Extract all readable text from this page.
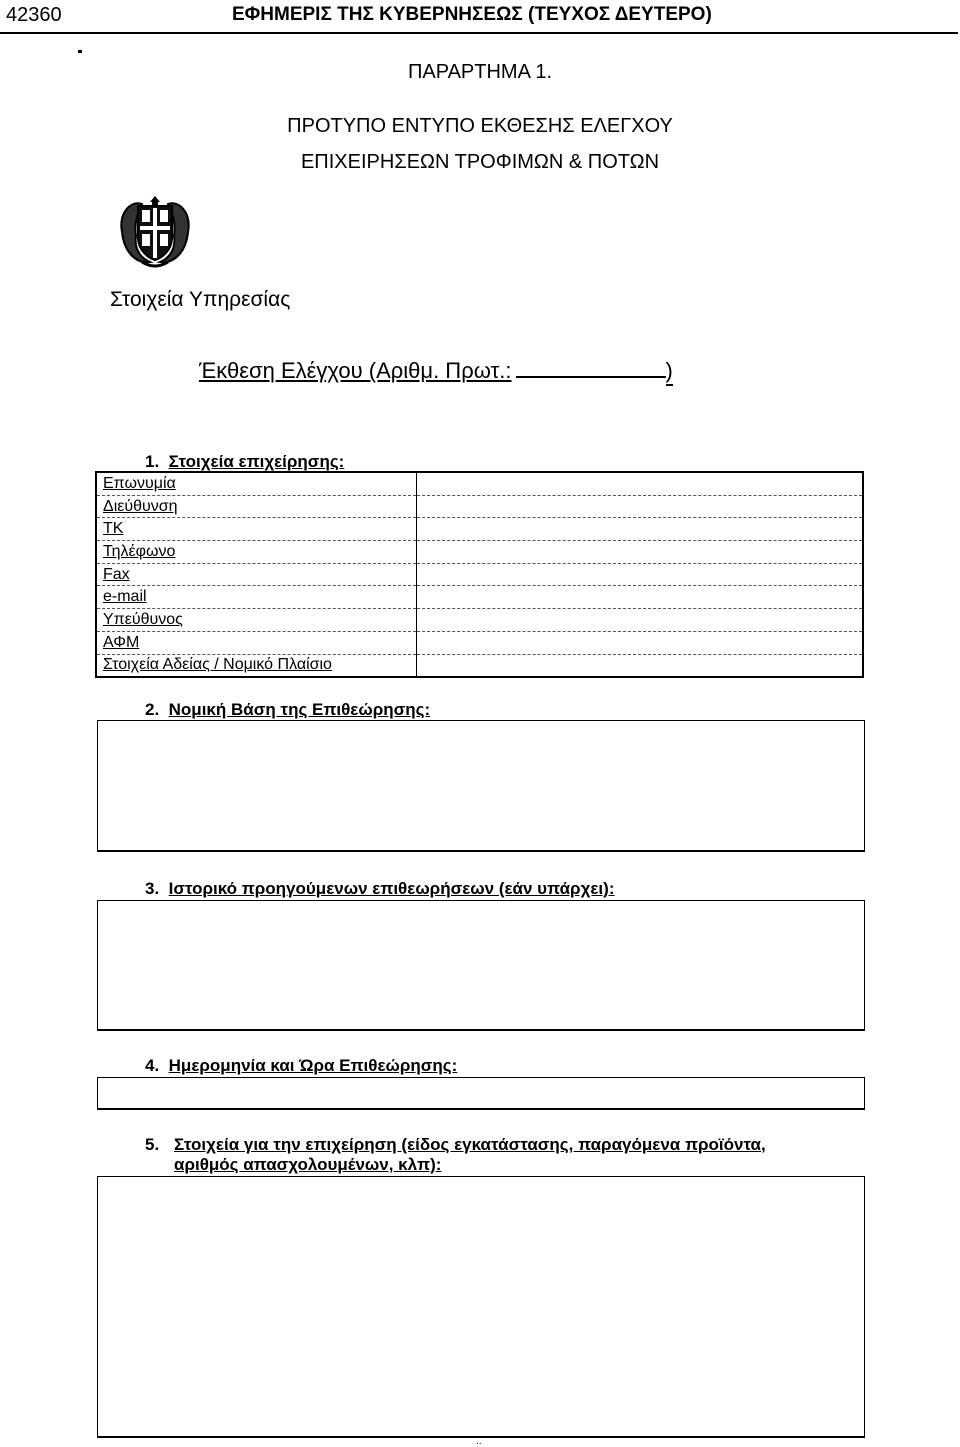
42360	ΕΦΗΜΕΡΙΣ ΤΗΣ ΚΥΒΕΡΝΗΣΕΩΣ (ΤΕΥΧΟΣ ΔΕΥΤΕΡΟ)
ΠΑΡΑΡΤΗΜΑ 1.
ΠΡΟΤΥΠΟ ΕΝΤΥΠΟ ΕΚΘΕΣΗΣ ΕΛΕΓΧΟΥ
ΕΠΙΧΕΙΡΗΣΕΩΝ ΤΡΟΦΙΜΩΝ & ΠΟΤΩΝ
Στοιχεία Υπηρεσίας
Έκθεση Ελέγχου (Αριθμ. Πρωτ.:	)
1. Στοιχεία επιχείρησης:
Επωνυμία	
Διεύθυνση	
ΤΚ	
Τηλέφωνο	
Fax	
e-mail	
Υπεύθυνος	
ΑΦΜ	
Στοιχεία Αδείας / Νομικό Πλαίσιο	
2. Νομική Βάση της Επιθεώρησης:
3. Ιστορικό προηγούμενων επιθεωρήσεων (εάν υπάρχει):
4. Ημερομηνία και Ώρα Επιθεώρησης:
5. Στοιχεία για την επιχείρηση (είδος εγκατάστασης, παραγόμενα προϊόντα,
αριθμός απασχολουμένων, κλπ):
..
